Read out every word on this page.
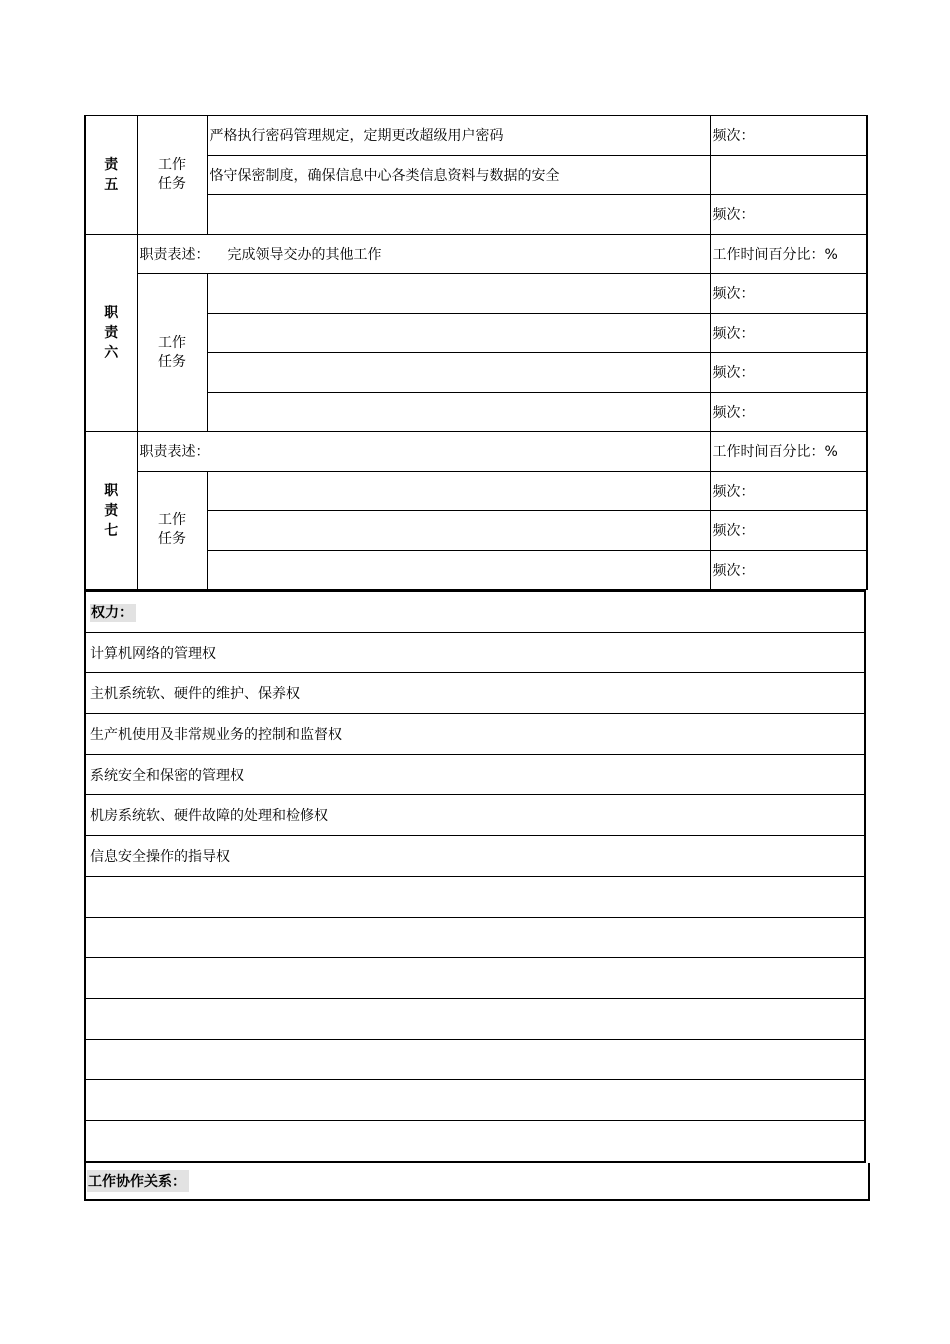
责五	工作任务	严格执行密码管理规定，定期更改超级用户密码	频次：
		恪守保密制度，确保信息中心各类信息资料与数据的安全	
			频次：
职责六	职责表述： 完成领导交办的其他工作		工作时间百分比：%
	工作任务		频次：
			频次：
			频次：
			频次：
职责七	职责表述：		工作时间百分比：%
	工作任务		频次：
			频次：
			频次：
权力：
计算机网络的管理权
主机系统软、硬件的维护、保养权
生产机使用及非常规业务的控制和监督权
系统安全和保密的管理权
机房系统软、硬件故障的处理和检修权
信息安全操作的指导权

工作协作关系：
